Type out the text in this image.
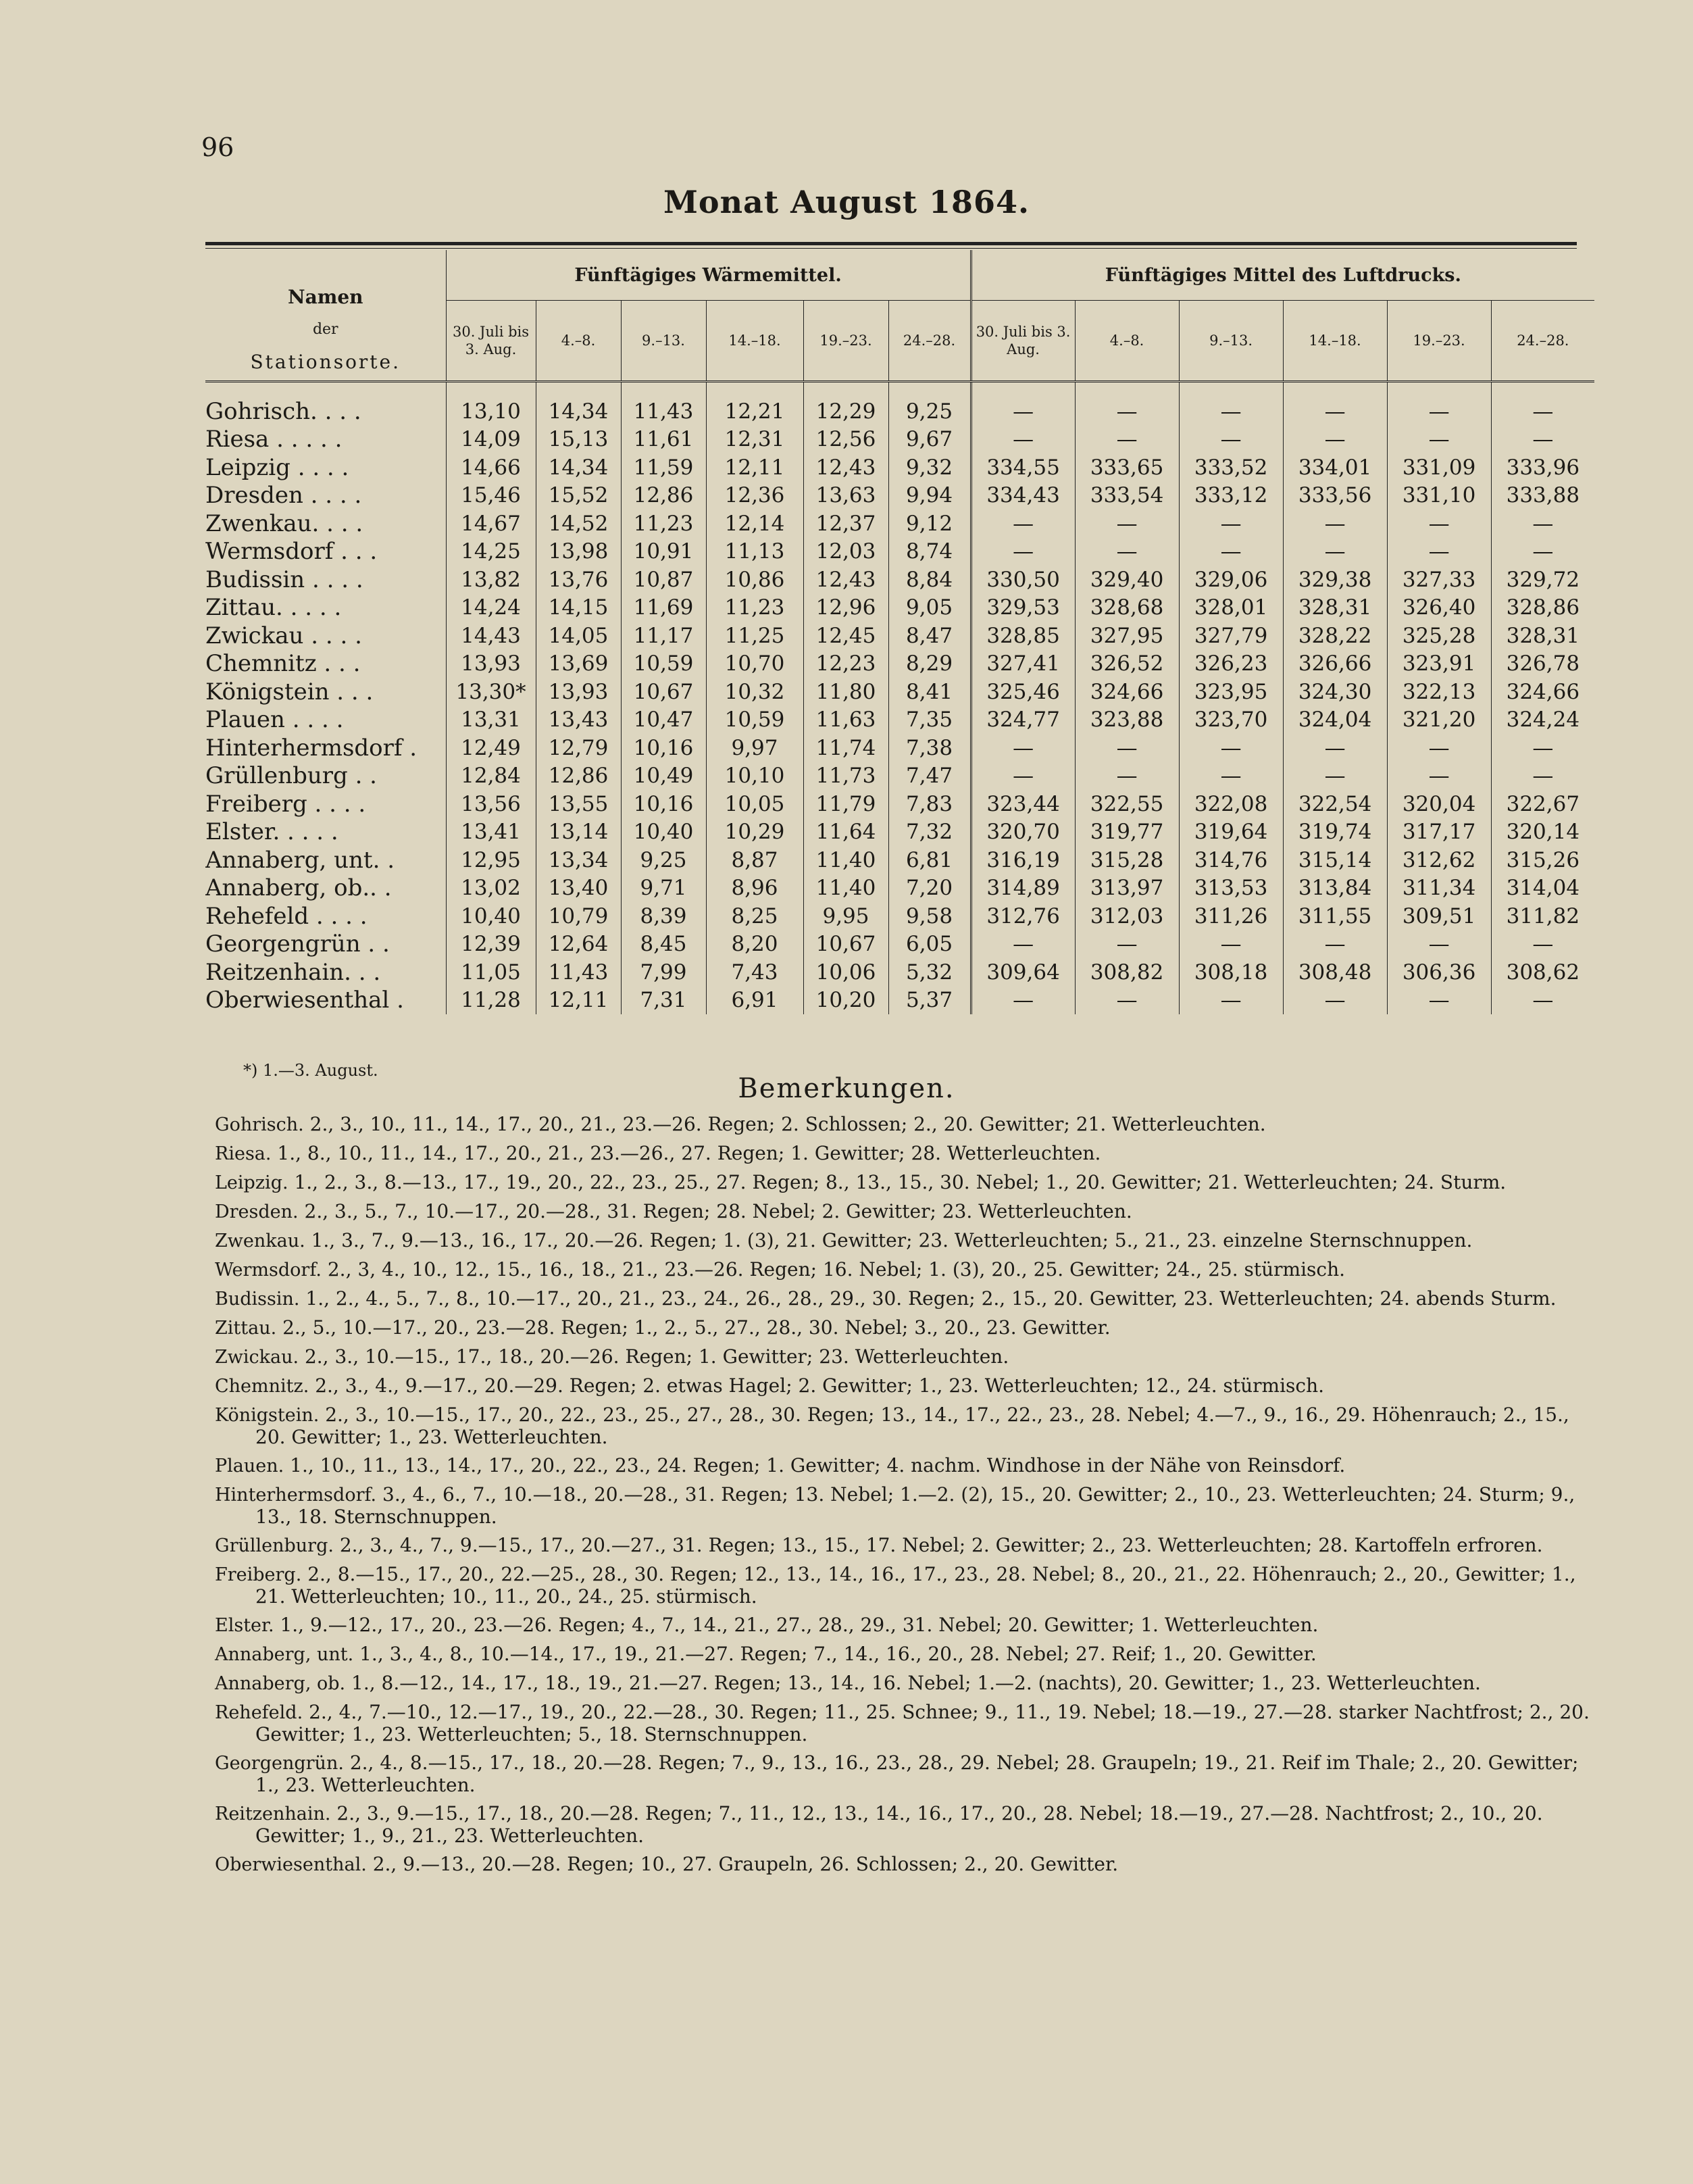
96
Monat August 1864.
Namen
der
Stationsorte.	Fünftägiges Wärmemittel.						Fünftägiges Mittel des Luftdrucks.					
	30. Juli bis 3. Aug.	4.–8.	9.–13.	14.–18.	19.–23.	24.–28.	30. Juli bis 3. Aug.	4.–8.	9.–13.	14.–18.	19.–23.	24.–28.

Gohrisch. . . .	13,10	14,34	11,43	12,21	12,29	9,25	—	—	—	—	—	—
Riesa . . . . .	14,09	15,13	11,61	12,31	12,56	9,67	—	—	—	—	—	—
Leipzig . . . .	14,66	14,34	11,59	12,11	12,43	9,32	334,55	333,65	333,52	334,01	331,09	333,96
Dresden . . . .	15,46	15,52	12,86	12,36	13,63	9,94	334,43	333,54	333,12	333,56	331,10	333,88
Zwenkau. . . .	14,67	14,52	11,23	12,14	12,37	9,12	—	—	—	—	—	—
Wermsdorf . . .	14,25	13,98	10,91	11,13	12,03	8,74	—	—	—	—	—	—
Budissin . . . .	13,82	13,76	10,87	10,86	12,43	8,84	330,50	329,40	329,06	329,38	327,33	329,72
Zittau. . . . .	14,24	14,15	11,69	11,23	12,96	9,05	329,53	328,68	328,01	328,31	326,40	328,86
Zwickau . . . .	14,43	14,05	11,17	11,25	12,45	8,47	328,85	327,95	327,79	328,22	325,28	328,31
Chemnitz . . .	13,93	13,69	10,59	10,70	12,23	8,29	327,41	326,52	326,23	326,66	323,91	326,78
Königstein . . .	13,30*	13,93	10,67	10,32	11,80	8,41	325,46	324,66	323,95	324,30	322,13	324,66
Plauen . . . .	13,31	13,43	10,47	10,59	11,63	7,35	324,77	323,88	323,70	324,04	321,20	324,24
Hinterhermsdorf .	12,49	12,79	10,16	9,97	11,74	7,38	—	—	—	—	—	—
Grüllenburg . .	12,84	12,86	10,49	10,10	11,73	7,47	—	—	—	—	—	—
Freiberg . . . .	13,56	13,55	10,16	10,05	11,79	7,83	323,44	322,55	322,08	322,54	320,04	322,67
Elster. . . . .	13,41	13,14	10,40	10,29	11,64	7,32	320,70	319,77	319,64	319,74	317,17	320,14
Annaberg, unt. .	12,95	13,34	9,25	8,87	11,40	6,81	316,19	315,28	314,76	315,14	312,62	315,26
Annaberg, ob.. .	13,02	13,40	9,71	8,96	11,40	7,20	314,89	313,97	313,53	313,84	311,34	314,04
Rehefeld . . . .	10,40	10,79	8,39	8,25	9,95	9,58	312,76	312,03	311,26	311,55	309,51	311,82
Georgengrün . .	12,39	12,64	8,45	8,20	10,67	6,05	—	—	—	—	—	—
Reitzenhain. . .	11,05	11,43	7,99	7,43	10,06	5,32	309,64	308,82	308,18	308,48	306,36	308,62
Oberwiesenthal .	11,28	12,11	7,31	6,91	10,20	5,37	—	—	—	—	—	—
*) 1.—3. August.
Bemerkungen.
Gohrisch. 2., 3., 10., 11., 14., 17., 20., 21., 23.—26. Regen; 2. Schlossen; 2., 20. Gewitter; 21. Wetterleuchten.
Riesa. 1., 8., 10., 11., 14., 17., 20., 21., 23.—26., 27. Regen; 1. Gewitter; 28. Wetterleuchten.
Leipzig. 1., 2., 3., 8.—13., 17., 19., 20., 22., 23., 25., 27. Regen; 8., 13., 15., 30. Nebel; 1., 20. Gewitter; 21. Wetterleuchten; 24. Sturm.
Dresden. 2., 3., 5., 7., 10.—17., 20.—28., 31. Regen; 28. Nebel; 2. Gewitter; 23. Wetterleuchten.
Zwenkau. 1., 3., 7., 9.—13., 16., 17., 20.—26. Regen; 1. (3), 21. Gewitter; 23. Wetterleuchten; 5., 21., 23. einzelne Sternschnuppen.
Wermsdorf. 2., 3, 4., 10., 12., 15., 16., 18., 21., 23.—26. Regen; 16. Nebel; 1. (3), 20., 25. Gewitter; 24., 25. stürmisch.
Budissin. 1., 2., 4., 5., 7., 8., 10.—17., 20., 21., 23., 24., 26., 28., 29., 30. Regen; 2., 15., 20. Gewitter, 23. Wetterleuchten; 24. abends Sturm.
Zittau. 2., 5., 10.—17., 20., 23.—28. Regen; 1., 2., 5., 27., 28., 30. Nebel; 3., 20., 23. Gewitter.
Zwickau. 2., 3., 10.—15., 17., 18., 20.—26. Regen; 1. Gewitter; 23. Wetterleuchten.
Chemnitz. 2., 3., 4., 9.—17., 20.—29. Regen; 2. etwas Hagel; 2. Gewitter; 1., 23. Wetterleuchten; 12., 24. stürmisch.
Königstein. 2., 3., 10.—15., 17., 20., 22., 23., 25., 27., 28., 30. Regen; 13., 14., 17., 22., 23., 28. Nebel; 4.—7., 9., 16., 29. Höhenrauch; 2., 15., 20. Gewitter; 1., 23. Wetterleuchten.
Plauen. 1., 10., 11., 13., 14., 17., 20., 22., 23., 24. Regen; 1. Gewitter; 4. nachm. Windhose in der Nähe von Reinsdorf.
Hinterhermsdorf. 3., 4., 6., 7., 10.—18., 20.—28., 31. Regen; 13. Nebel; 1.—2. (2), 15., 20. Gewitter; 2., 10., 23. Wetterleuchten; 24. Sturm; 9., 13., 18. Sternschnuppen.
Grüllenburg. 2., 3., 4., 7., 9.—15., 17., 20.—27., 31. Regen; 13., 15., 17. Nebel; 2. Gewitter; 2., 23. Wetterleuchten; 28. Kartoffeln erfroren.
Freiberg. 2., 8.—15., 17., 20., 22.—25., 28., 30. Regen; 12., 13., 14., 16., 17., 23., 28. Nebel; 8., 20., 21., 22. Höhenrauch; 2., 20., Gewitter; 1., 21. Wetterleuchten; 10., 11., 20., 24., 25. stürmisch.
Elster. 1., 9.—12., 17., 20., 23.—26. Regen; 4., 7., 14., 21., 27., 28., 29., 31. Nebel; 20. Gewitter; 1. Wetterleuchten.
Annaberg, unt. 1., 3., 4., 8., 10.—14., 17., 19., 21.—27. Regen; 7., 14., 16., 20., 28. Nebel; 27. Reif; 1., 20. Gewitter.
Annaberg, ob. 1., 8.—12., 14., 17., 18., 19., 21.—27. Regen; 13., 14., 16. Nebel; 1.—2. (nachts), 20. Gewitter; 1., 23. Wetterleuchten.
Rehefeld. 2., 4., 7.—10., 12.—17., 19., 20., 22.—28., 30. Regen; 11., 25. Schnee; 9., 11., 19. Nebel; 18.—19., 27.—28. starker Nachtfrost; 2., 20. Gewitter; 1., 23. Wetterleuchten; 5., 18. Sternschnuppen.
Georgengrün. 2., 4., 8.—15., 17., 18., 20.—28. Regen; 7., 9., 13., 16., 23., 28., 29. Nebel; 28. Graupeln; 19., 21. Reif im Thale; 2., 20. Gewitter; 1., 23. Wetterleuchten.
Reitzenhain. 2., 3., 9.—15., 17., 18., 20.—28. Regen; 7., 11., 12., 13., 14., 16., 17., 20., 28. Nebel; 18.—19., 27.—28. Nachtfrost; 2., 10., 20. Gewitter; 1., 9., 21., 23. Wetterleuchten.
Oberwiesenthal. 2., 9.—13., 20.—28. Regen; 10., 27. Graupeln, 26. Schlossen; 2., 20. Gewitter.
